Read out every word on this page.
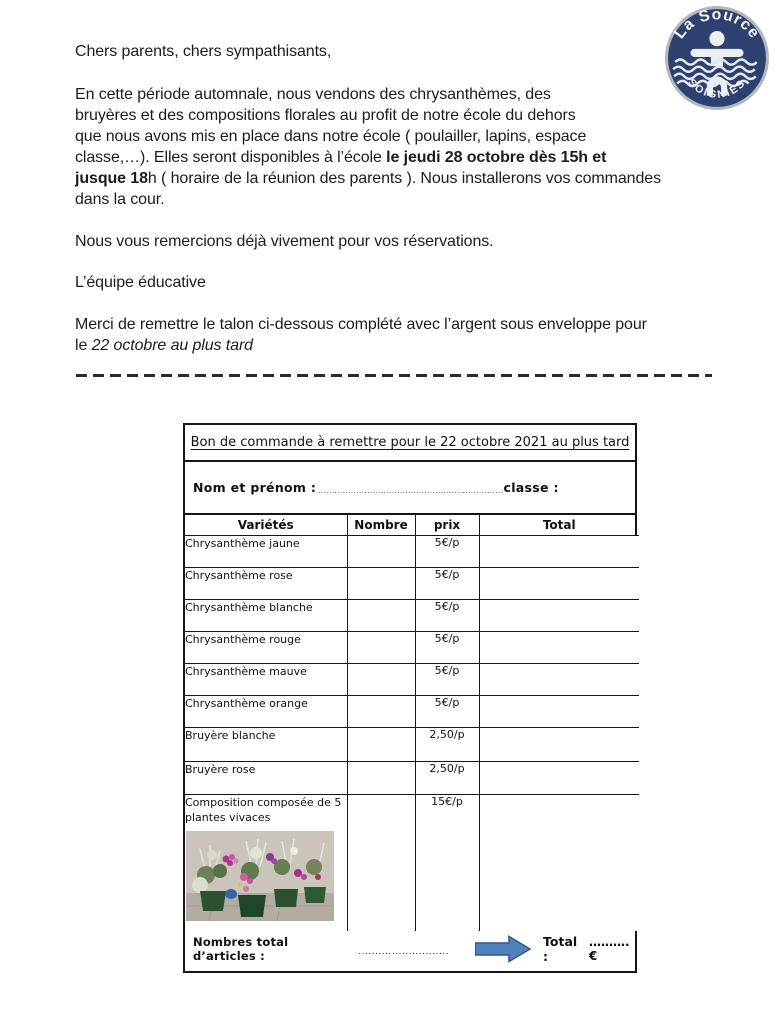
La Source
SOIGNIES
Chers parents, chers sympathisants,
En cette période automnale, nous vendons des chrysanthèmes, des
bruyères et des compositions florales au profit de notre école du dehors
que nous avons mis en place dans notre école ( poulailler, lapins, espace
classe,…). Elles seront disponibles à l’école le jeudi 28 octobre dès 15h et
jusque 18h ( horaire de la réunion des parents ). Nous installerons vos commandes
dans la cour.
Nous vous remercions déjà vivement pour vos réservations.
L’équipe éducative
Merci de remettre le talon ci-dessous complété avec l’argent sous enveloppe pour
le 22 octobre au plus tard
Bon de commande à remettre pour le 22 octobre 2021 au plus tard
Nom et prénom : .................................................................... classe :
Variétés	Nombre	prix	Total
Chrysanthème jaune		5€/p	
Chrysanthème rose		5€/p	
Chrysanthème blanche		5€/p	
Chrysanthème rouge		5€/p	
Chrysanthème mauve		5€/p	
Chrysanthème orange		5€/p	
Bruyère blanche		2,50/p	
Bruyère rose		2,50/p	

Composition composée de 5 plantes vivaces		15€/p	
Nombres total d’articles :	...........................
Total :
……….€
